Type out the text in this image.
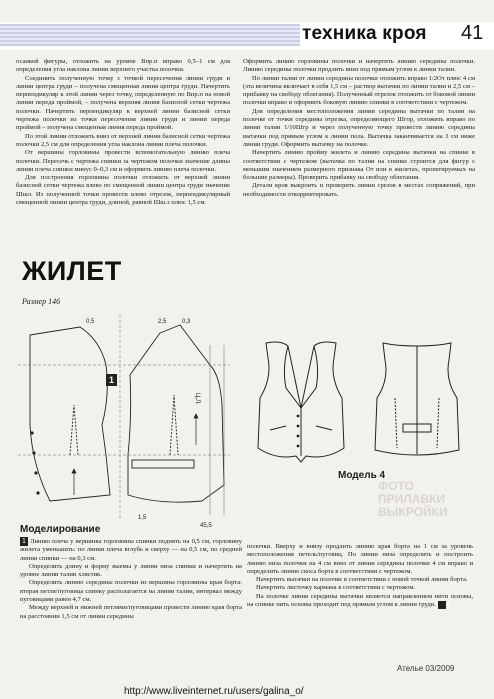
техника кроя 41

осанкой фигуры, отложить на уровне Впр.п вправо 0,5–1 см для определения угла наклона линии верхнего участка полочки.

Соединить полученную точку с точкой пересечения линии груди и линии центра груди – получена смещенная линия центра груди. Начертить перпендикуляр к этой линии через точку, определенную по Впр.п на новой линии переда проймой, – получена верхняя линия базисной сетки чертежа полочки. Начертить перпендикуляр к верхней линии базисной сетки чертежа полочки из точки пересечения линии груди и линии переда проймой – получена смещенная линия переда проймой.

По этой линии отложить вниз от верхней линии базисной сетки чертежа полочки 2,5 см для определения угла наклона линии плеча полочки.

От вершины горловины провести вспомогательную линию плеча полочки. Пересечь с чертежа спинки за чертежом полочки значение длины линии плеча спинки минус 0–0,3 см и оформить линию плеча полочки.

Для построения горловины полочки отложить от верхней линии базисной сетки чертежа влево по смещенной линии центра груди значение Шшл. Из полученной точки провести влево отрезок, перпендикулярный смещенной линии центра груди, длиной, равной Шш.з плюс 1,5 см.

Оформить линию горловины полочки и начертить линию середины полочки. Линию середины полочки продлить вниз под прямым углом к линии талии.

По линии талии от линии середины полочки отложить вправо 1/2От плюс 4 см (эта величина включает в себя 1,5 см – раствор вытачки по линии талии и 2,5 см – прибавку на свободу облегания). Полученный отрезок отложить от боковой линии полочки вправо и оформить боковую линию спинки в соответствии с чертежом.

Для определения местоположения линии середины вытачки по талии на полочке от точки середины отрезка, определяющего Шгор, отложить вправо по линии талии 1/10Шгр и через полученную точку провести линию середины вытачки под прямым углом к линии пола. Вытачка заканчивается на 3 см ниже линии груди. Оформить вытачку на полочке.

Начертить линию пройму жилета и линию середины вытачки на спинке в соответствии с чертежом (вытачка по талии на спинке строится для фигур с меньшим значением размерного признака От или в жилетах, проектируемых на большие размеры). Проверить прибавку на свободу облегания.

Детали кроя выкроить и проверить линии срезов в местах сопряжений, при необходимости откорректировать.

ЖИЛЕТ
Размер 146
2,5	0,3
Ц.Л.
1,5
45,5
0,5
1
Модель 4
ФОТО
ПРИЛАВКИ
ВЫКРОЙКИ
Моделирование

1 Линию плеча у вершины горловины спинки поднять на 0,5 см, горловину жилета уменьшить: по линии плеча вглубь и сверху — на 0,5 см, по средней линии спинки — на 0,3 см.

Определить длину и форму выемы у линии низа спинки и начертить на уровне линии талии хлястик.

Определить линию середины полочки из вершины горловины края борта: вторая петля/пуговица спинку располагается на линии талии, интервал между пуговицами равен 4,7 см.

Между верхней и нижней петлями/пуговицами провести линию края борта на расстоянии 1,5 см от линии середины

полочки. Вверху и внизу продлить линию края борта на 1 см за уровень местоположения петель/пуговиц. По линии низа определить и построить линию низа полочки на 4 см вниз от линии середины полочки 4 см вправо и определить линию скоса борта в соответствии с чертежом.

Начертить вытачки на полочке в соответствии с новой точкой линии борта.

Начертить листочку кармана в соответствии с чертежом.

На полочке линия середины вытачки является направлением нити основы, на спинке нить основы проходит под прямым углом к линии груди. ф

Ателье 03/2009
http://www.liveinternet.ru/users/galina_o/
